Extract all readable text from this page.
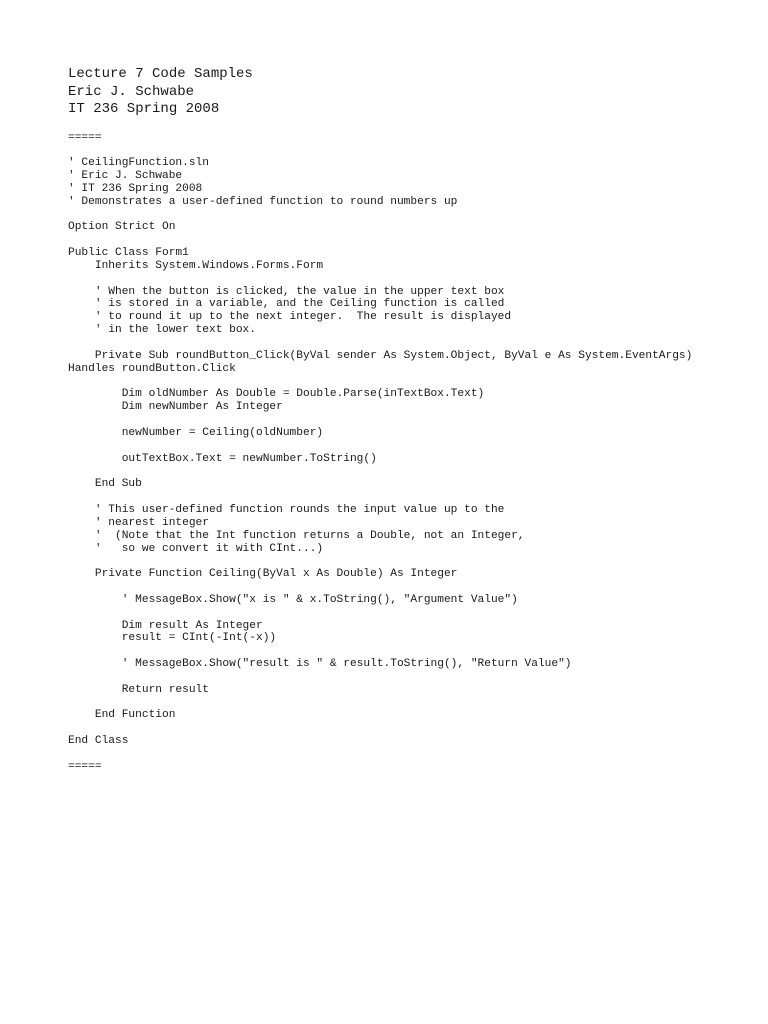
Lecture 7 Code Samples
Eric J. Schwabe
IT 236 Spring 2008
=====
' CeilingFunction.sln
' Eric J. Schwabe
' IT 236 Spring 2008
' Demonstrates a user-defined function to round numbers up
Option Strict On
Public Class Form1
Inherits System.Windows.Forms.Form
' When the button is clicked, the value in the upper text box
' is stored in a variable, and the Ceiling function is called
' to round it up to the next integer.  The result is displayed
' in the lower text box.
Private Sub roundButton_Click(ByVal sender As System.Object, ByVal e As System.EventArgs)
Handles roundButton.Click
Dim oldNumber As Double = Double.Parse(inTextBox.Text)
Dim newNumber As Integer
newNumber = Ceiling(oldNumber)
outTextBox.Text = newNumber.ToString()
End Sub
' This user-defined function rounds the input value up to the
' nearest integer
'  (Note that the Int function returns a Double, not an Integer,
'   so we convert it with CInt...)
Private Function Ceiling(ByVal x As Double) As Integer
' MessageBox.Show("x is " & x.ToString(), "Argument Value")
Dim result As Integer
result = CInt(-Int(-x))
' MessageBox.Show("result is " & result.ToString(), "Return Value")
Return result
End Function
End Class
=====
